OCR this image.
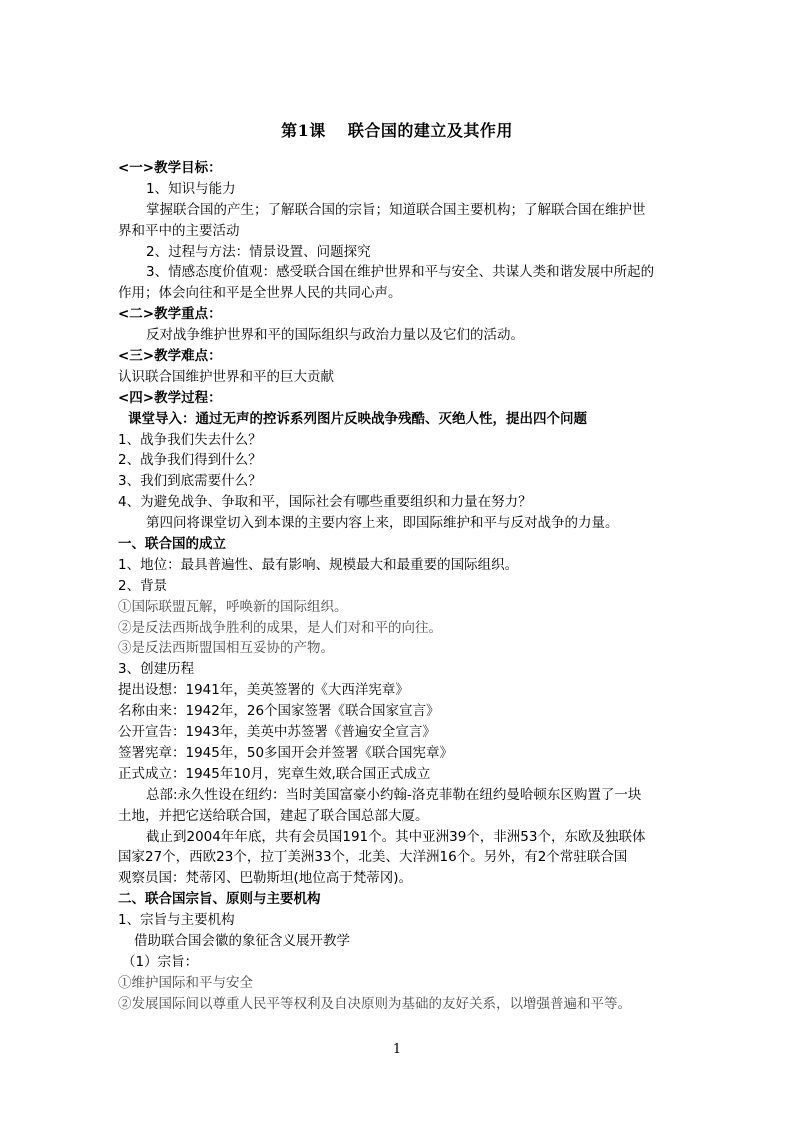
第1课 联合国的建立及其作用
<一>教学目标：
1、知识与能力
掌握联合国的产生；了解联合国的宗旨；知道联合国主要机构；了解联合国在维护世
界和平中的主要活动
2、过程与方法：情景设置、问题探究
3、情感态度价值观：感受联合国在维护世界和平与安全、共谋人类和谐发展中所起的
作用；体会向往和平是全世界人民的共同心声。
<二>教学重点：
反对战争维护世界和平的国际组织与政治力量以及它们的活动。
<三>教学难点：
认识联合国维护世界和平的巨大贡献
<四>教学过程：
课堂导入：通过无声的控诉系列图片反映战争残酷、灭绝人性，提出四个问题
1、战争我们失去什么？
2、战争我们得到什么？
3、我们到底需要什么？
4、为避免战争、争取和平，国际社会有哪些重要组织和力量在努力？
第四问将课堂切入到本课的主要内容上来，即国际维护和平与反对战争的力量。
一、联合国的成立
1、地位：最具普遍性、最有影响、规模最大和最重要的国际组织。
2、背景
①国际联盟瓦解，呼唤新的国际组织。
②是反法西斯战争胜利的成果，是人们对和平的向往。
③是反法西斯盟国相互妥协的产物。
3、创建历程
提出设想：1941年，美英签署的《大西洋宪章》
名称由来：1942年，26个国家签署《联合国家宣言》
公开宣告：1943年，美英中苏签署《普遍安全宣言》
签署宪章：1945年，50多国开会并签署《联合国宪章》
正式成立：1945年10月，宪章生效,联合国正式成立
总部:永久性设在纽约：当时美国富豪小约翰-洛克菲勒在纽约曼哈顿东区购置了一块
土地，并把它送给联合国，建起了联合国总部大厦。
截止到2004年年底，共有会员国191个。其中亚洲39个，非洲53个，东欧及独联体
国家27个，西欧23个，拉丁美洲33个，北美、大洋洲16个。另外，有2个常驻联合国
观察员国：梵蒂冈、巴勒斯坦(地位高于梵蒂冈)。
二、联合国宗旨、原则与主要机构
1、宗旨与主要机构
借助联合国会徽的象征含义展开教学
（1）宗旨：
①维护国际和平与安全
②发展国际间以尊重人民平等权利及自决原则为基础的友好关系，以增强普遍和平等。
1
